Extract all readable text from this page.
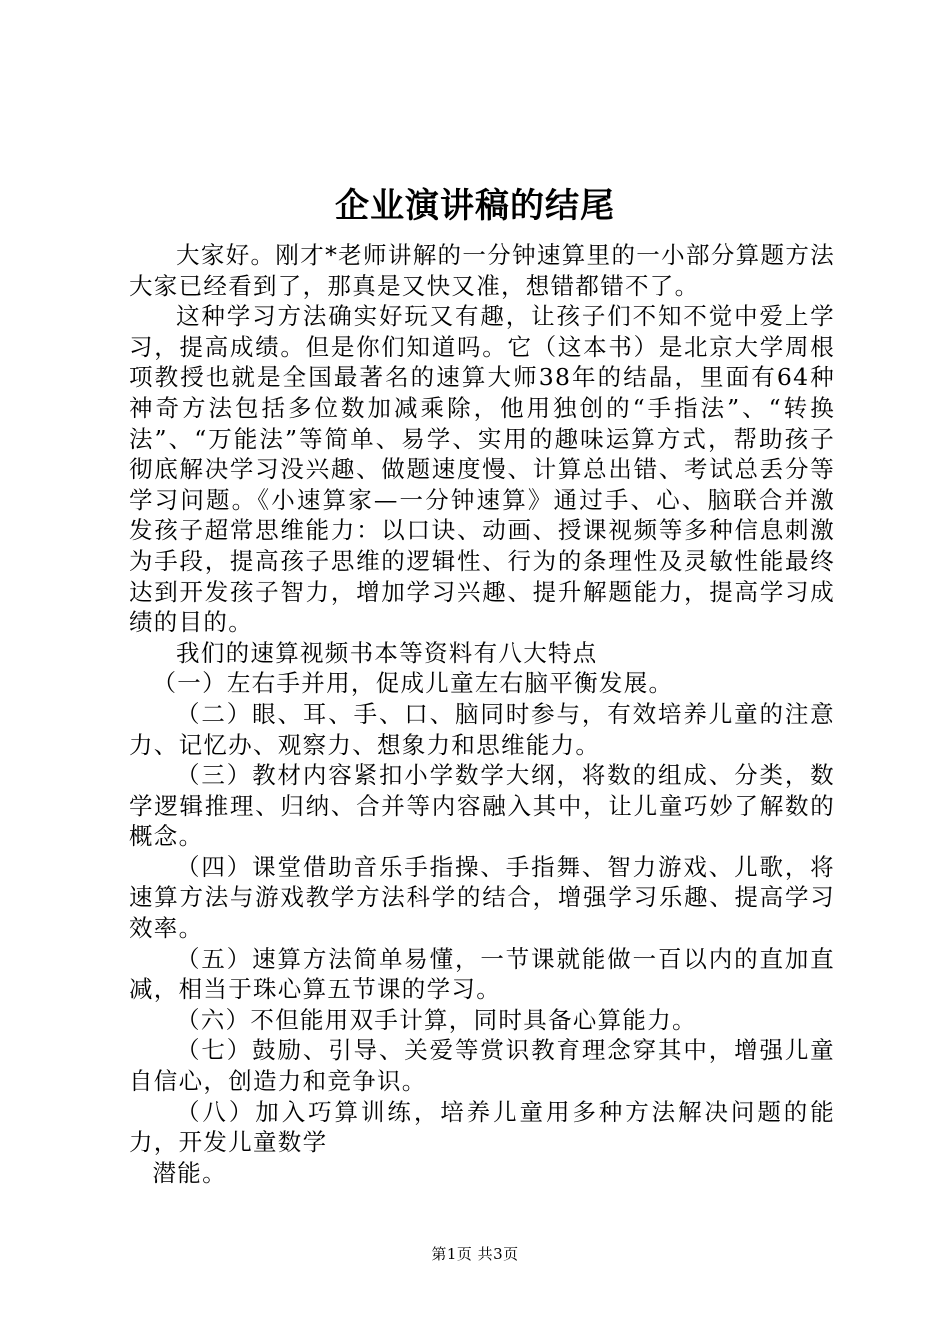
企业演讲稿的结尾

大家好。刚才*老师讲解的一分钟速算里的一小部分算题方法大家已经看到了，那真是又快又准，想错都错不了。

这种学习方法确实好玩又有趣，让孩子们不知不觉中爱上学习，提高成绩。但是你们知道吗。它（这本书）是北京大学周根项教授也就是全国最著名的速算大师38年的结晶，里面有64种神奇方法包括多位数加减乘除，他用独创的“手指法”、“转换法”、“万能法”等简单、易学、实用的趣味运算方式，帮助孩子彻底解决学习没兴趣、做题速度慢、计算总出错、考试总丢分等学习问题。《小速算家—一分钟速算》通过手、心、脑联合并激发孩子超常思维能力：以口诀、动画、授课视频等多种信息刺激为手段，提高孩子思维的逻辑性、行为的条理性及灵敏性能最终达到开发孩子智力，增加学习兴趣、提升解题能力，提高学习成绩的目的。

我们的速算视频书本等资料有八大特点

（一）左右手并用，促成儿童左右脑平衡发展。

（二）眼、耳、手、口、脑同时参与，有效培养儿童的注意力、记忆办、观察力、想象力和思维能力。

（三）教材内容紧扣小学数学大纲，将数的组成、分类，数学逻辑推理、归纳、合并等内容融入其中，让儿童巧妙了解数的概念。

（四）课堂借助音乐手指操、手指舞、智力游戏、儿歌，将速算方法与游戏教学方法科学的结合，增强学习乐趣、提高学习效率。

（五）速算方法简单易懂，一节课就能做一百以内的直加直减，相当于珠心算五节课的学习。

（六）不但能用双手计算，同时具备心算能力。

（七）鼓励、引导、关爱等赏识教育理念穿其中，增强儿童自信心，创造力和竞争识。

（八）加入巧算训练，培养儿童用多种方法解决问题的能力，开发儿童数学

潜能。

第1页 共3页
